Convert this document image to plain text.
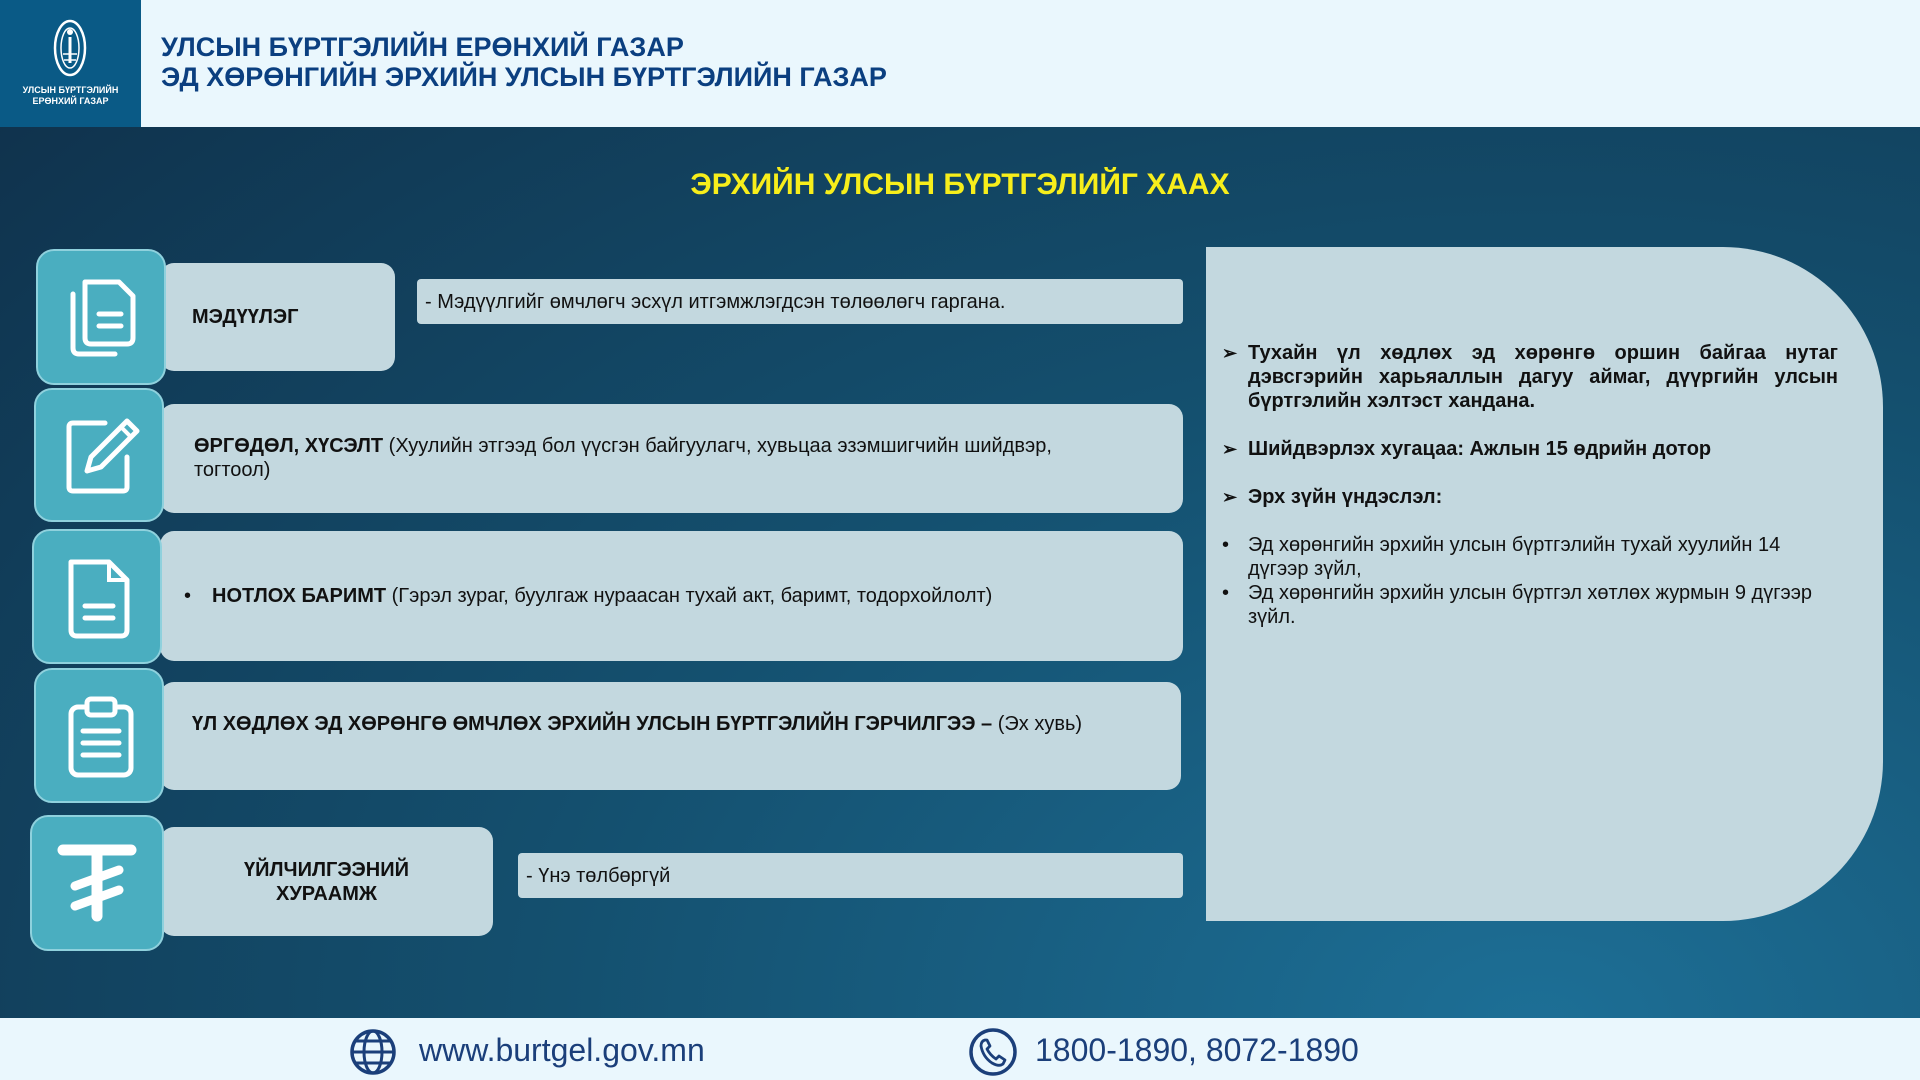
УЛСЫН БҮРТГЭЛИЙН
ЕРӨНХИЙ ГАЗАР
УЛСЫН БҮРТГЭЛИЙН ЕРӨНХИЙ ГАЗАР
ЭД ХӨРӨНГИЙН ЭРХИЙН УЛСЫН БҮРТГЭЛИЙН ГАЗАР
ЭРХИЙН УЛСЫН БҮРТГЭЛИЙГ ХААХ
МЭДҮҮЛЭГ
- Мэдүүлгийг өмчлөгч эсхүл итгэмжлэгдсэн төлөөлөгч гаргана.
ӨРГӨДӨЛ, ХҮСЭЛТ (Хуулийн этгээд бол үүсгэн байгуулагч, хувьцаа эзэмшигчийн шийдвэр, тогтоол)
•	НОТЛОХ БАРИМТ (Гэрэл зураг, буулгаж нураасан тухай акт, баримт, тодорхойлолт)
ҮЛ ХӨДЛӨХ ЭД ХӨРӨНГӨ ӨМЧЛӨХ ЭРХИЙН УЛСЫН БҮРТГЭЛИЙН ГЭРЧИЛГЭЭ – (Эх хувь)
ҮЙЛЧИЛГЭЭНИЙ
ХУРААМЖ
- Үнэ төлбөргүй
➢ Тухайн үл хөдлөх эд хөрөнгө оршин байгаа нутаг дэвсгэрийн харьяаллын дагуу аймаг, дүүргийн улсын бүртгэлийн хэлтэст хандана.
➢ Шийдвэрлэх хугацаа: Ажлын 15 өдрийн дотор
➢ Эрх зүйн үндэслэл:
• Эд хөрөнгийн эрхийн улсын бүртгэлийн тухай хуулийн 14 дүгээр зүйл,
• Эд хөрөнгийн эрхийн улсын бүртгэл хөтлөх журмын 9 дүгээр зүйл.
www.burtgel.gov.mn	1800-1890, 8072-1890
